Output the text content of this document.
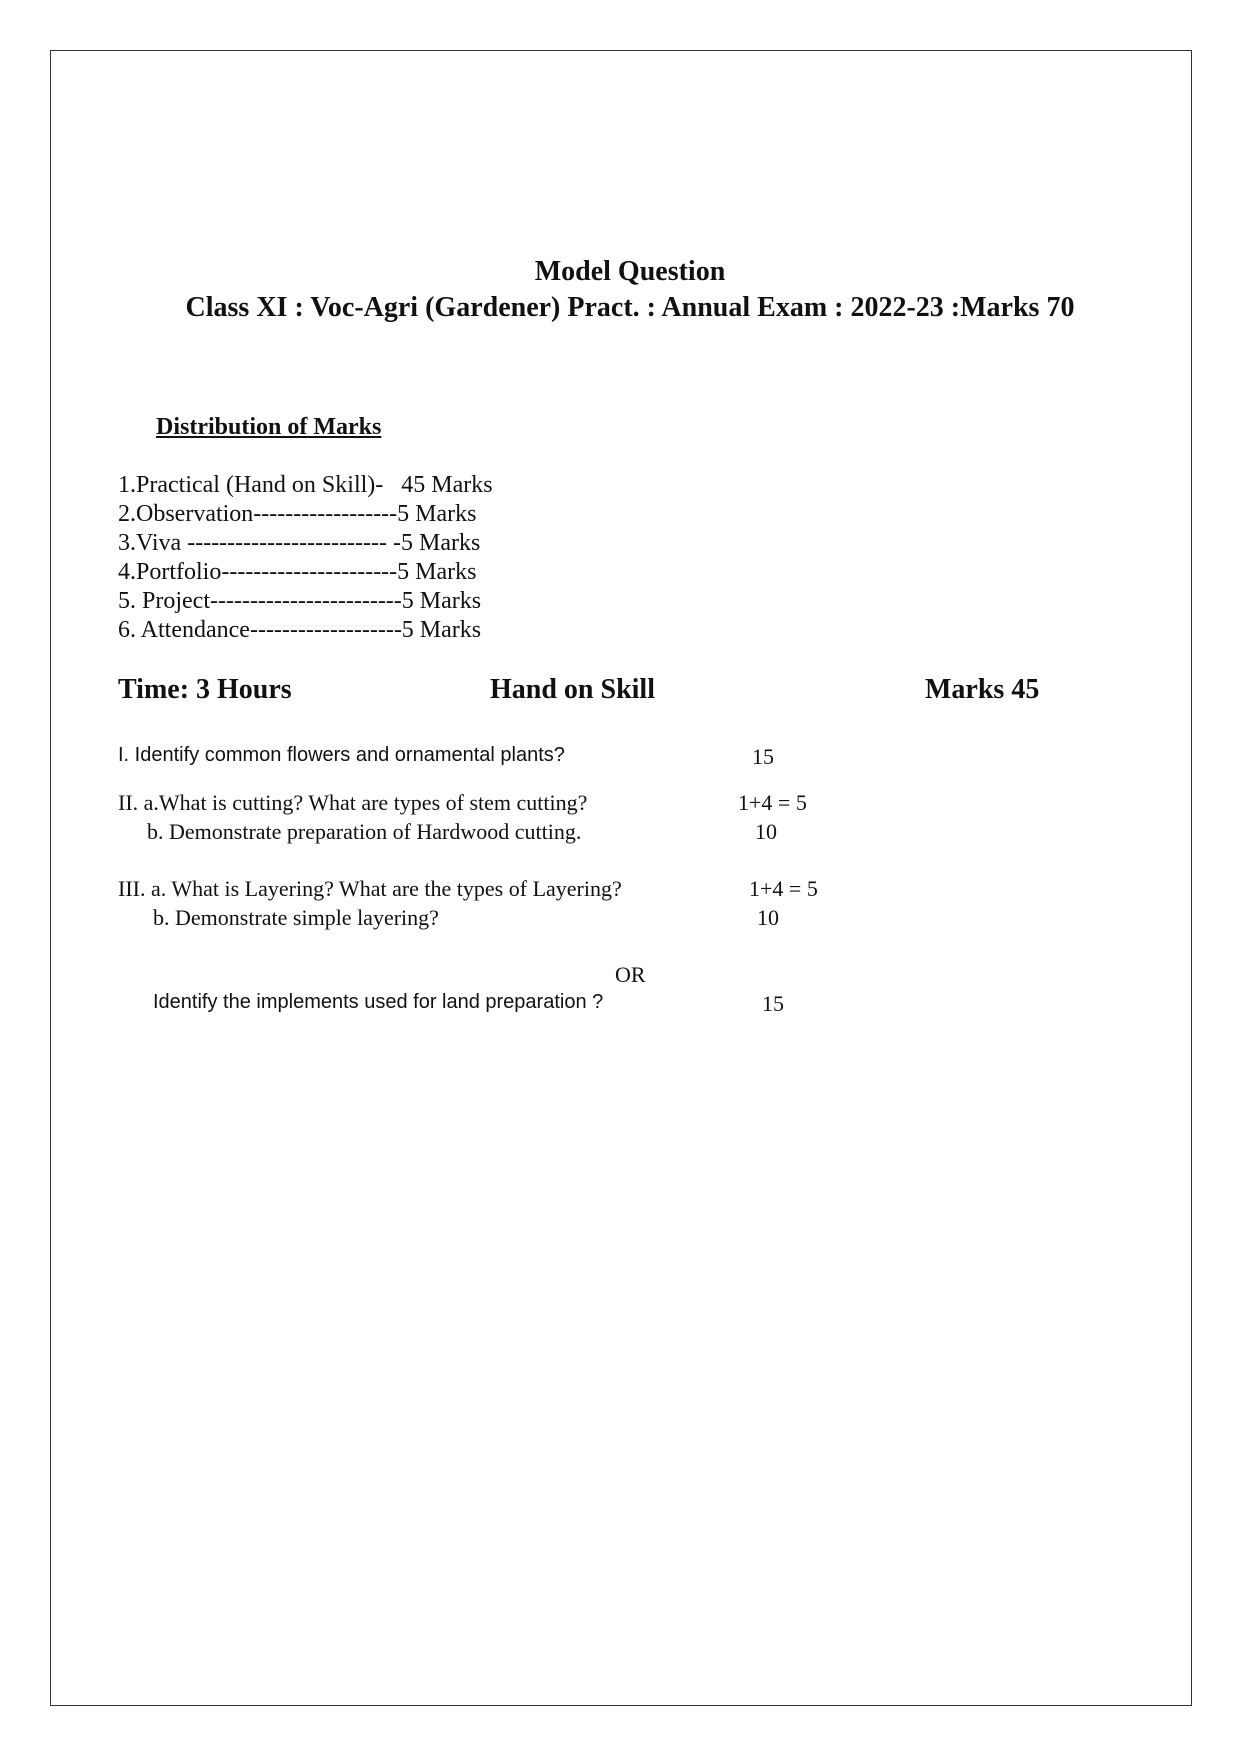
Model Question
Class XI : Voc-Agri (Gardener) Pract. : Annual Exam : 2022-23 :Marks 70
Distribution of Marks
1.Practical (Hand on Skill)-   45 Marks
2.Observation------------------5 Marks
3.Viva ------------------------- -5 Marks
4.Portfolio----------------------5 Marks
5. Project------------------------5 Marks
6. Attendance-------------------5 Marks
Time: 3 Hours	Hand on Skill	Marks 45
I. Identify common flowers and ornamental plants?	15
II. a.What is cutting? What are types of stem cutting?	1+4 = 5
b. Demonstrate preparation of Hardwood cutting.	10
III. a. What is Layering? What are the types of Layering?	1+4 = 5
b. Demonstrate simple layering?	10
OR
Identify the implements used for land preparation ?	15
